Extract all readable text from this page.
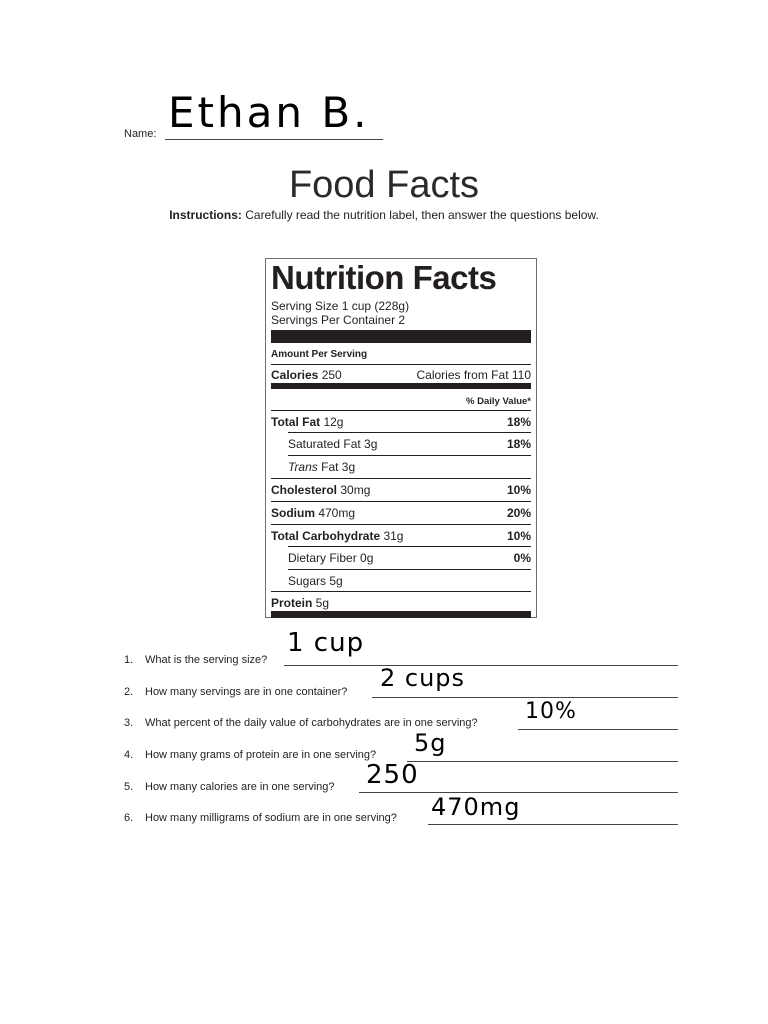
Name: Ethan B.
Food Facts
Instructions: Carefully read the nutrition label, then answer the questions below.
Nutrition Facts
Serving Size 1 cup (228g)
Servings Per Container 2
Amount Per Serving
Calories 250	Calories from Fat 110
% Daily Value*
Total Fat 12g	18%
Saturated Fat 3g	18%
Trans Fat 3g
Cholesterol 30mg	10%
Sodium 470mg	20%
Total Carbohydrate 31g	10%
Dietary Fiber 0g	0%
Sugars 5g
Protein 5g
1. What is the serving size?
1 cup
2. How many servings are in one container? 2 cups
3. What percent of the daily value of carbohydrates are in one serving? 10%
4. How many grams of protein are in one serving? 5g
5. How many calories are in one serving? 250
6. How many milligrams of sodium are in one serving? 470mg
